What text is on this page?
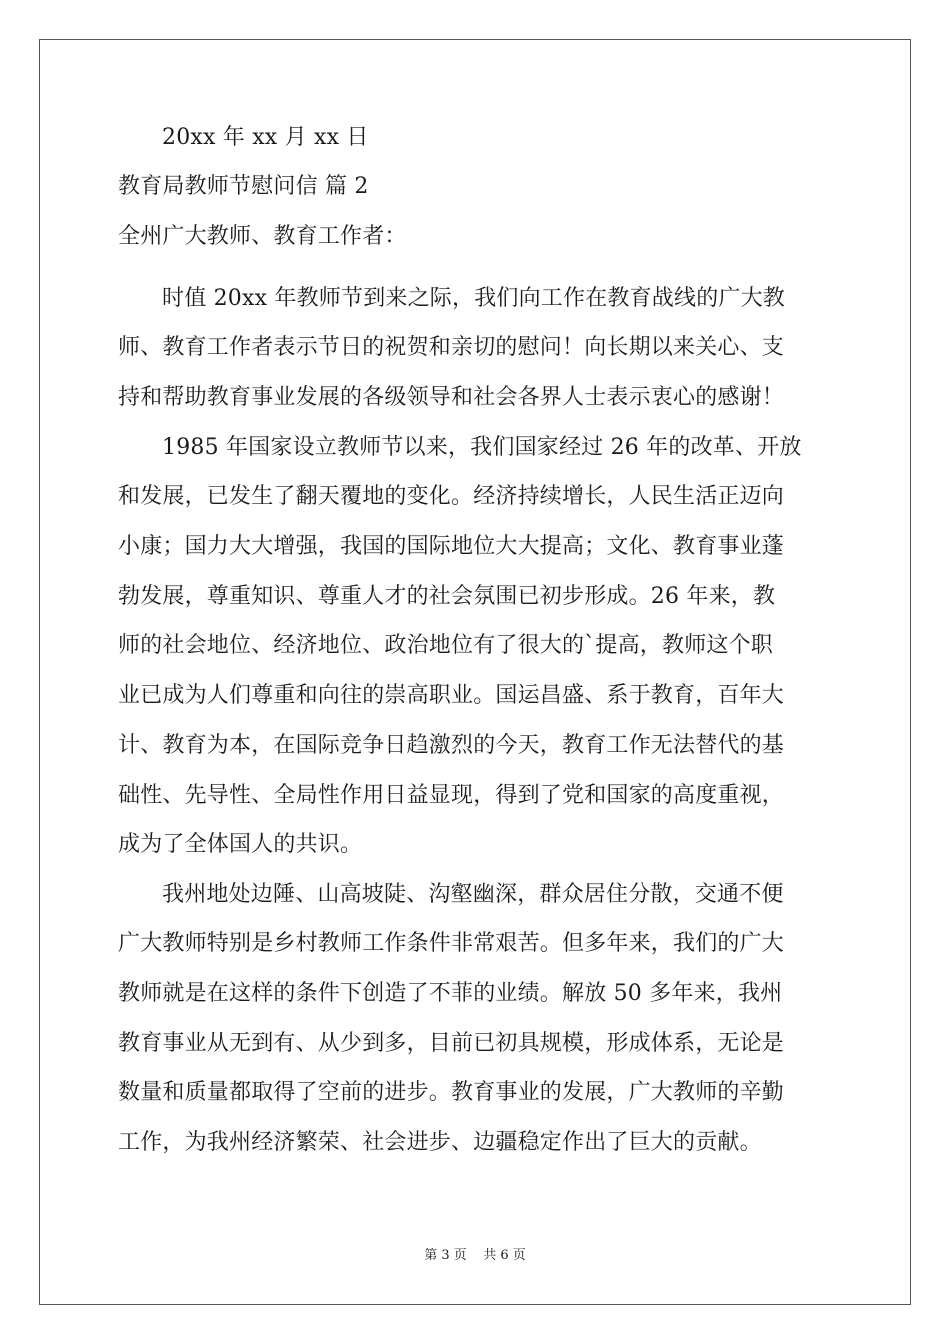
20xx 年 xx 月 xx 日

教育局教师节慰问信 篇 2

全州广大教师、教育工作者：

时值 20xx 年教师节到来之际，我们向工作在教育战线的广大教

师、教育工作者表示节日的祝贺和亲切的慰问！向长期以来关心、支

持和帮助教育事业发展的各级领导和社会各界人士表示衷心的感谢！

1985 年国家设立教师节以来，我们国家经过 26 年的改革、开放

和发展，已发生了翻天覆地的变化。经济持续增长，人民生活正迈向

小康；国力大大增强，我国的国际地位大大提高；文化、教育事业蓬

勃发展，尊重知识、尊重人才的社会氛围已初步形成。26 年来，教

师的社会地位、经济地位、政治地位有了很大的`提高，教师这个职

业已成为人们尊重和向往的崇高职业。国运昌盛、系于教育，百年大

计、教育为本，在国际竞争日趋激烈的今天，教育工作无法替代的基

础性、先导性、全局性作用日益显现，得到了党和国家的高度重视，

成为了全体国人的共识。

我州地处边陲、山高坡陡、沟壑幽深，群众居住分散，交通不便

广大教师特别是乡村教师工作条件非常艰苦。但多年来，我们的广大

教师就是在这样的条件下创造了不菲的业绩。解放 50 多年来，我州

教育事业从无到有、从少到多，目前已初具规模，形成体系，无论是

数量和质量都取得了空前的进步。教育事业的发展，广大教师的辛勤

工作，为我州经济繁荣、社会进步、边疆稳定作出了巨大的贡献。

第 3 页 共 6 页
